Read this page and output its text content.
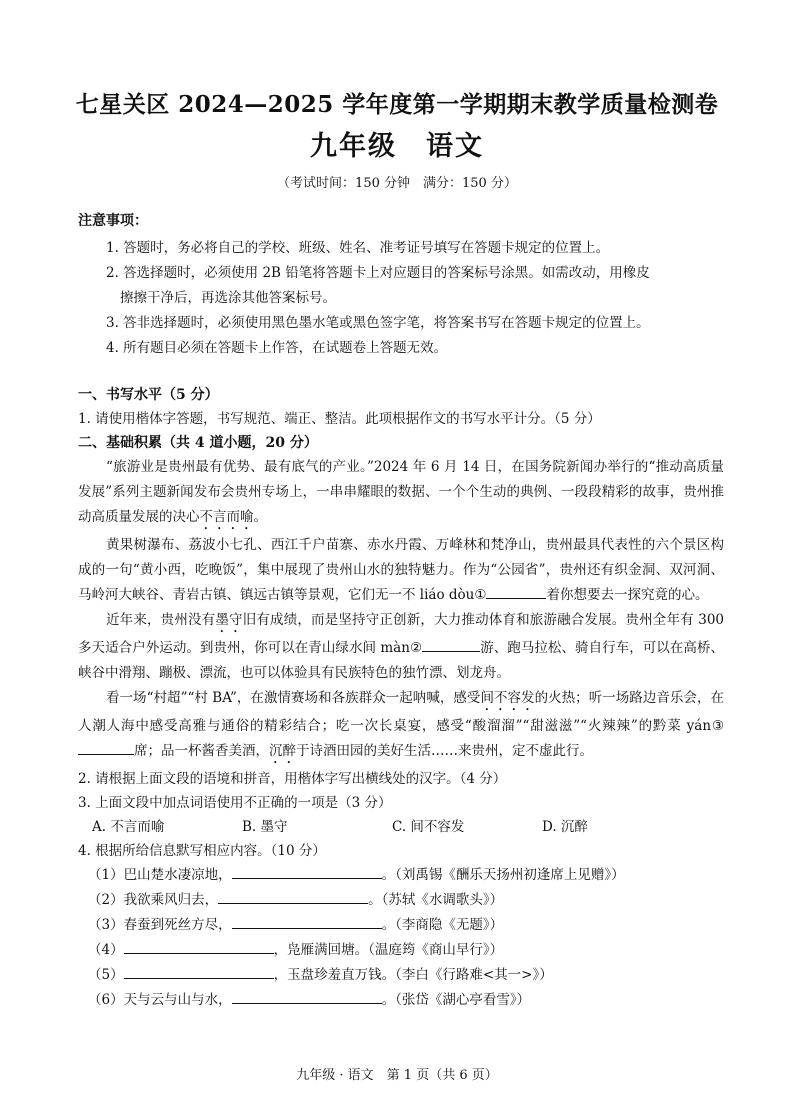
七星关区 2024—2025 学年度第一学期期末教学质量检测卷
九年级　语文
（考试时间：150 分钟　满分：150 分）
注意事项：
1. 答题时，务必将自己的学校、班级、姓名、准考证号填写在答题卡规定的位置上。
2. 答选择题时，必须使用 2B 铅笔将答题卡上对应题目的答案标号涂黑。如需改动，用橡皮
擦擦干净后，再选涂其他答案标号。
3. 答非选择题时，必须使用黑色墨水笔或黑色签字笔，将答案书写在答题卡规定的位置上。
4. 所有题目必须在答题卡上作答，在试题卷上答题无效。
一、书写水平（5 分）
1. 请使用楷体字答题，书写规范、端正、整洁。此项根据作文的书写水平计分。（5 分）
二、基础积累（共 4 道小题，20 分）
“旅游业是贵州最有优势、最有底气的产业。”2024 年 6 月 14 日，在国务院新闻办举行的“推动高质量发展”系列主题新闻发布会贵州专场上，一串串耀眼的数据、一个个生动的典例、一段段精彩的故事，贵州推动高质量发展的决心不言而喻。
黄果树瀑布、荔波小七孔、西江千户苗寨、赤水丹霞、万峰林和梵净山，贵州最具代表性的六个景区构成的一句“黄小西，吃晚饭”，集中展现了贵州山水的独特魅力。作为“公园省”，贵州还有织金洞、双河洞、马岭河大峡谷、青岩古镇、镇远古镇等景观，它们无一不 liáo dòu①	着你想要去一探究竟的心。
近年来，贵州没有墨守旧有成绩，而是坚持守正创新，大力推动体育和旅游融合发展。贵州全年有 300 多天适合户外运动。到贵州，你可以在青山绿水间 màn②	游、跑马拉松、骑自行车，可以在高桥、峡谷中滑翔、蹦极、漂流，也可以体验具有民族特色的独竹漂、划龙舟。
看一场“村超”“村 BA”，在激情赛场和各族群众一起呐喊，感受间不容发的火热；听一场路边音乐会，在人潮人海中感受高雅与通俗的精彩结合；吃一次长桌宴，感受“酸溜溜”“甜滋滋”“火辣辣”的黔菜 yán③席；品一杯酱香美酒，沉醉于诗酒田园的美好生活……来贵州，定不虚此行。
2. 请根据上面文段的语境和拼音，用楷体字写出横线处的汉字。（4 分）
3. 上面文段中加点词语使用不正确的一项是（3 分）
A. 不言而喻	B. 墨守	C. 间不容发	D. 沉醉
4. 根据所给信息默写相应内容。（10 分）
（1）巴山楚水凄凉地，	。（刘禹锡《酬乐天扬州初逢席上见赠》）
（2）我欲乘风归去，	。（苏轼《水调歌头》）
（3）春蚕到死丝方尽，	。（李商隐《无题》）
（4）	，凫雁满回塘。（温庭筠《商山早行》）
（5）	，玉盘珍羞直万钱。（李白《行路难<其一>》）
（6）天与云与山与水，	。（张岱《湖心亭看雪》）
九年级 · 语文　第 1 页（共 6 页）
